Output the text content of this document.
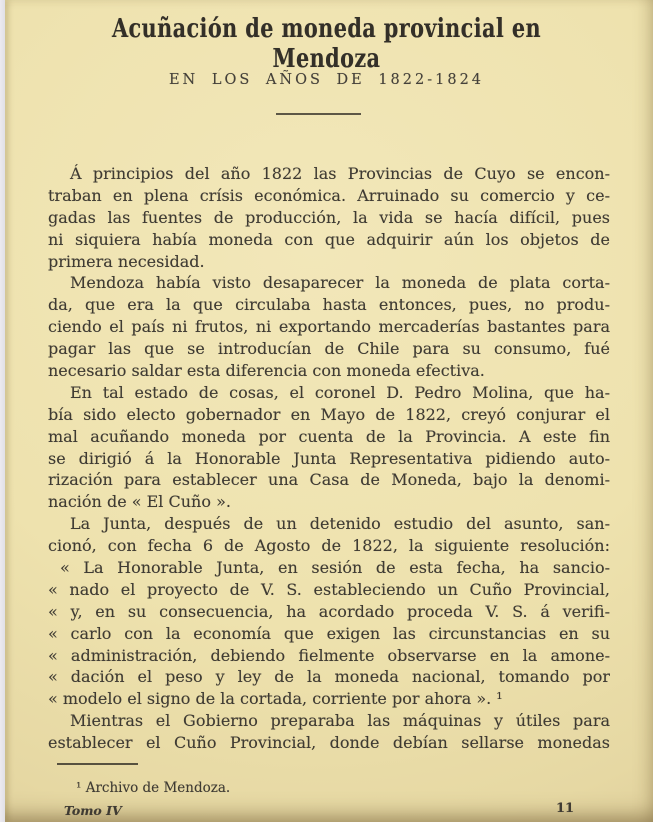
Acuñación de moneda provincial en Mendoza
EN LOS AÑOS DE 1822-1824
Á principios del año 1822 las Provincias de Cuyo se encon-
traban en plena crísis económica. Arruinado su comercio y ce-
gadas las fuentes de producción, la vida se hacía difícil, pues
ni siquiera había moneda con que adquirir aún los objetos de
primera necesidad.
Mendoza había visto desaparecer la moneda de plata corta-
da, que era la que circulaba hasta entonces, pues, no produ-
ciendo el país ni frutos, ni exportando mercaderías bastantes para
pagar las que se introducían de Chile para su consumo, fué
necesario saldar esta diferencia con moneda efectiva.
En tal estado de cosas, el coronel D. Pedro Molina, que ha-
bía sido electo gobernador en Mayo de 1822, creyó conjurar el
mal acuñando moneda por cuenta de la Provincia. A este fin
se dirigió á la Honorable Junta Representativa pidiendo auto-
rización para establecer una Casa de Moneda, bajo la denomi-
nación de « El Cuño ».
La Junta, después de un detenido estudio del asunto, san-
cionó, con fecha 6 de Agosto de 1822, la siguiente resolución:
« La Honorable Junta, en sesión de esta fecha, ha sancio-
« nado el proyecto de V. S. estableciendo un Cuño Provincial,
« y, en su consecuencia, ha acordado proceda V. S. á verifi-
« carlo con la economía que exigen las circunstancias en su
« administración, debiendo fielmente observarse en la amone-
« dación el peso y ley de la moneda nacional, tomando por
« modelo el signo de la cortada, corriente por ahora ». ¹
Mientras el Gobierno preparaba las máquinas y útiles para
establecer el Cuño Provincial, donde debían sellarse monedas
¹ Archivo de Mendoza.
Tomo IV	11
